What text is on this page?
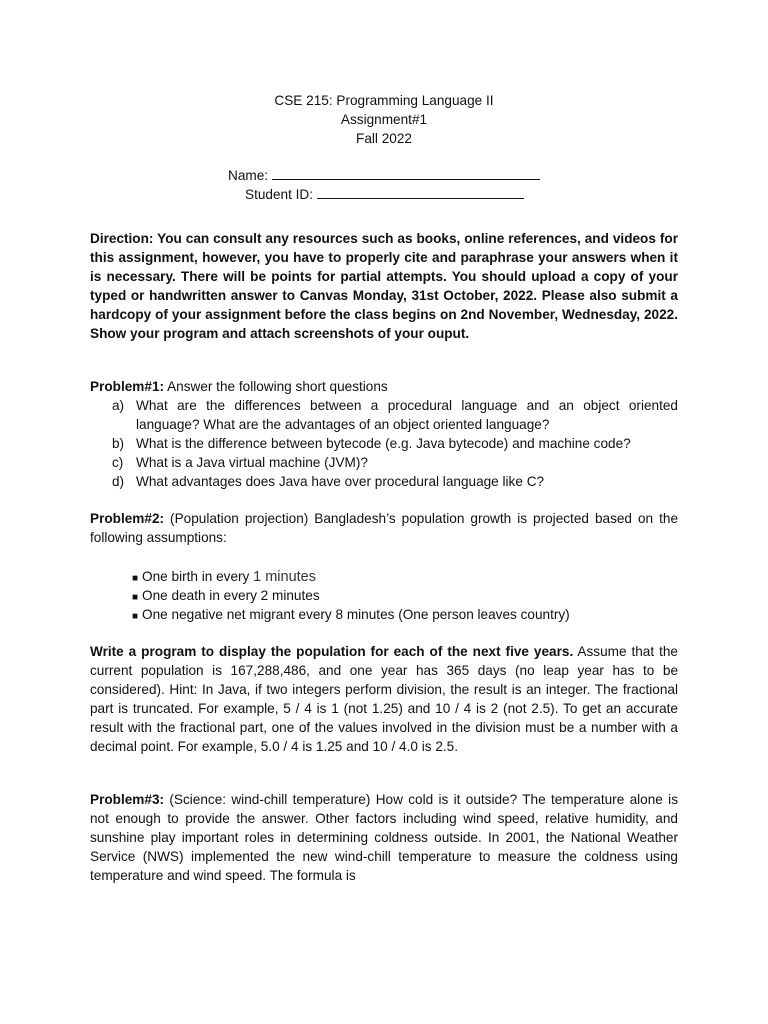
CSE 215: Programming Language II
Assignment#1
Fall 2022
Name:
Student ID:
Direction: You can consult any resources such as books, online references, and videos for this assignment, however, you have to properly cite and paraphrase your answers when it is necessary. There will be points for partial attempts. You should upload a copy of your typed or handwritten answer to Canvas Monday, 31st October, 2022. Please also submit a hardcopy of your assignment before the class begins on 2nd November, Wednesday, 2022. Show your program and attach screenshots of your ouput.
Problem#1: Answer the following short questions
a) What are the differences between a procedural language and an object oriented language? What are the advantages of an object oriented language?
b) What is the difference between bytecode (e.g. Java bytecode) and machine code?
c) What is a Java virtual machine (JVM)?
d) What advantages does Java have over procedural language like C?
Problem#2: (Population projection) Bangladesh’s population growth is projected based on the following assumptions:
■ One birth in every 1 minutes
■ One death in every 2 minutes
■ One negative net migrant every 8 minutes (One person leaves country)
Write a program to display the population for each of the next five years. Assume that the current population is 167,288,486, and one year has 365 days (no leap year has to be considered). Hint: In Java, if two integers perform division, the result is an integer. The fractional part is truncated. For example, 5 / 4 is 1 (not 1.25) and 10 / 4 is 2 (not 2.5). To get an accurate result with the fractional part, one of the values involved in the division must be a number with a decimal point. For example, 5.0 / 4 is 1.25 and 10 / 4.0 is 2.5.
Problem#3: (Science: wind-chill temperature) How cold is it outside? The temperature alone is not enough to provide the answer. Other factors including wind speed, relative humidity, and sunshine play important roles in determining coldness outside. In 2001, the National Weather Service (NWS) implemented the new wind-chill temperature to measure the coldness using temperature and wind speed. The formula is
